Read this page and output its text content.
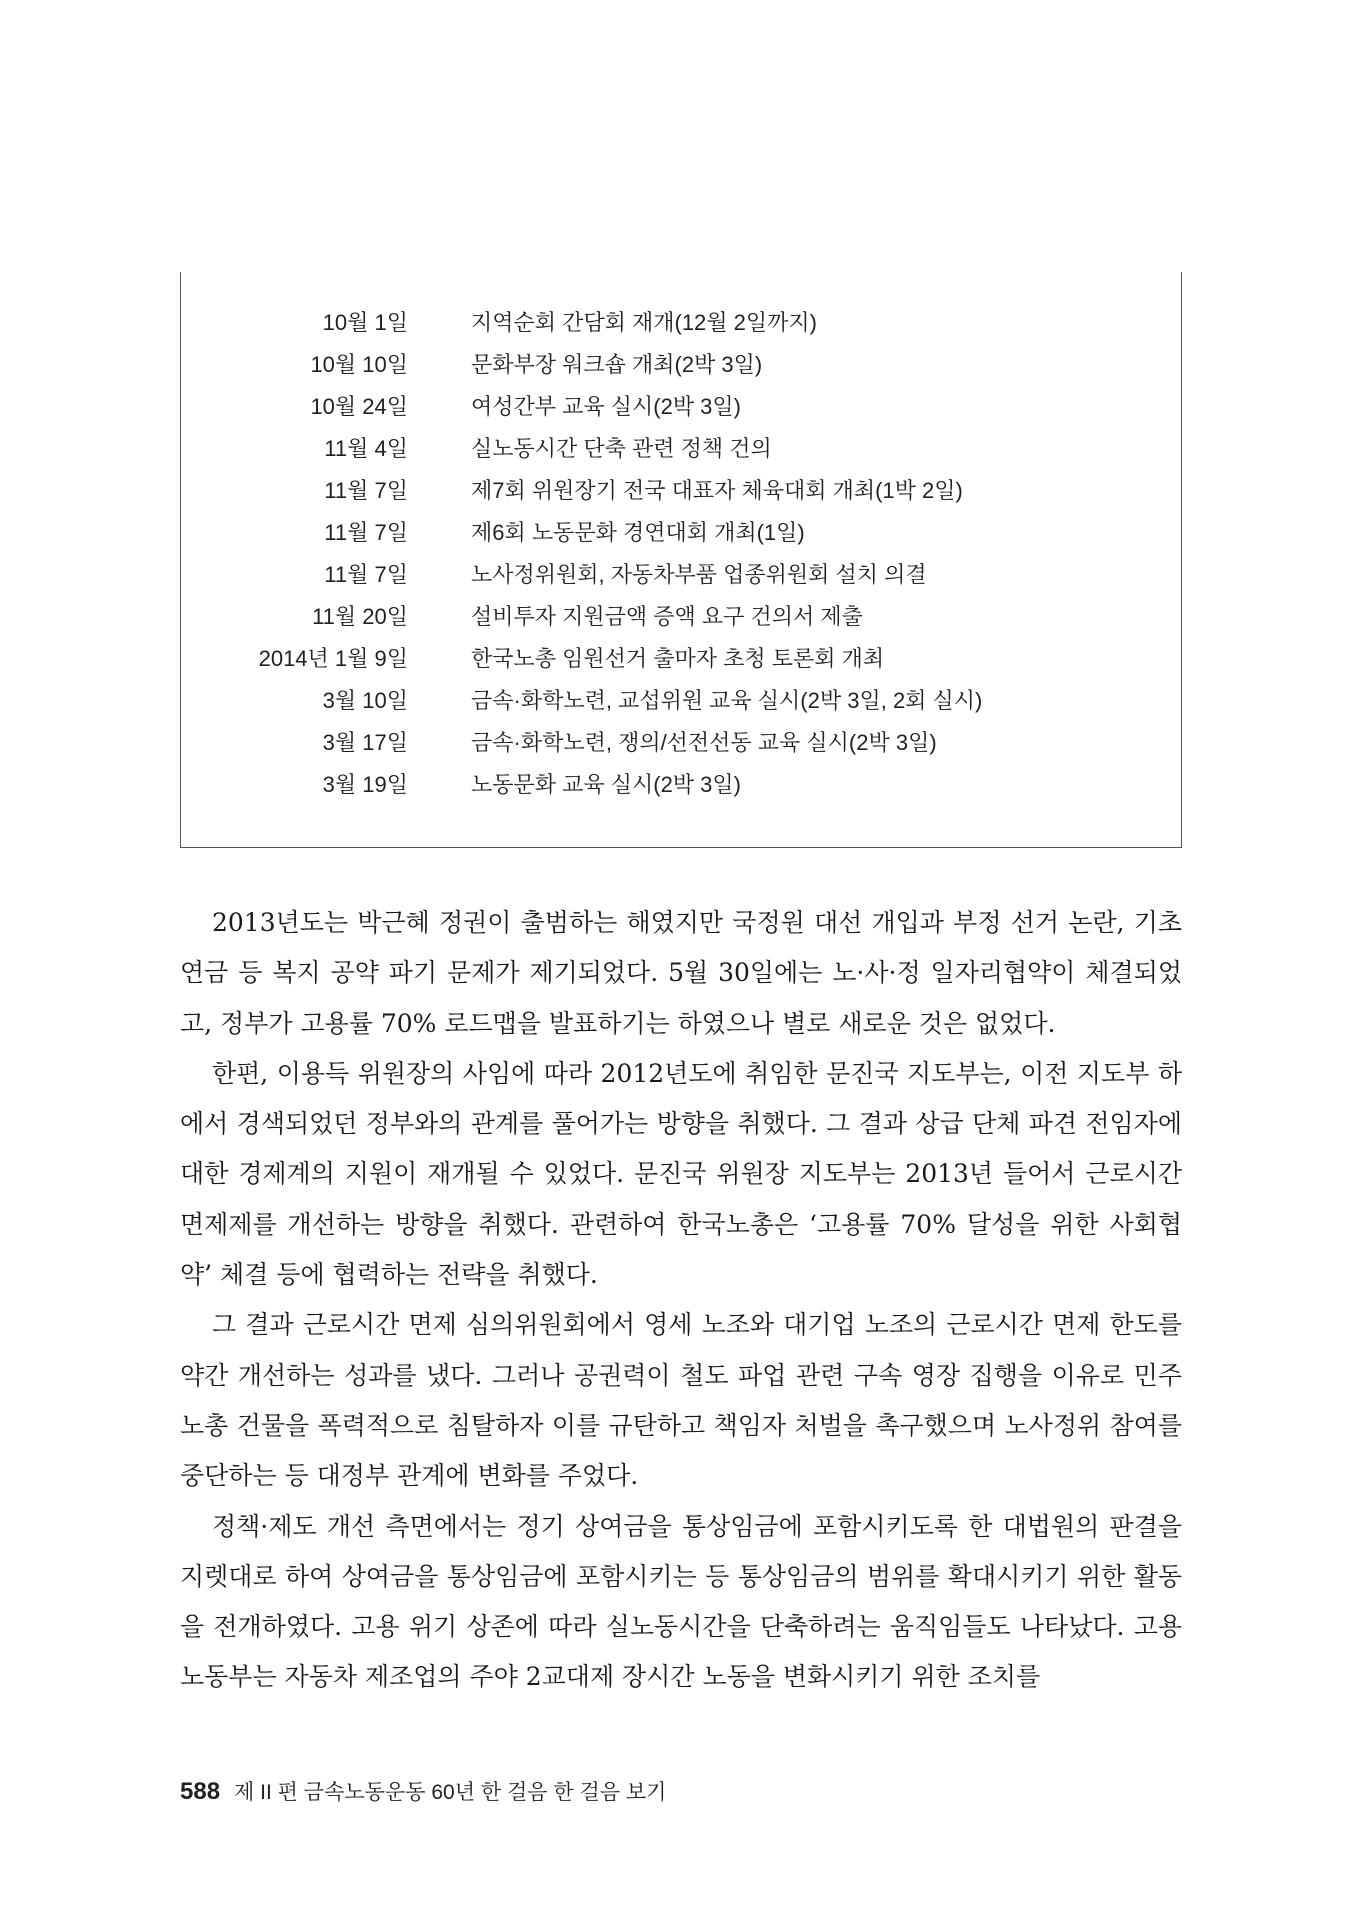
10월 1일	지역순회 간담회 재개(12월 2일까지)
10월 10일	문화부장 워크숍 개최(2박 3일)
10월 24일	여성간부 교육 실시(2박 3일)
11월 4일	실노동시간 단축 관련 정책 건의
11월 7일	제7회 위원장기 전국 대표자 체육대회 개최(1박 2일)
11월 7일	제6회 노동문화 경연대회 개최(1일)
11월 7일	노사정위원회, 자동차부품 업종위원회 설치 의결
11월 20일	설비투자 지원금액 증액 요구 건의서 제출
2014년 1월 9일	한국노총 임원선거 출마자 초청 토론회 개최
3월 10일	금속·화학노련, 교섭위원 교육 실시(2박 3일, 2회 실시)
3월 17일	금속·화학노련, 쟁의/선전선동 교육 실시(2박 3일)
3월 19일	노동문화 교육 실시(2박 3일)

2013년도는 박근혜 정권이 출범하는 해였지만 국정원 대선 개입과 부정 선거 논란, 기초연금 등 복지 공약 파기 문제가 제기되었다. 5월 30일에는 노·사·정 일자리협약이 체결되었고, 정부가 고용률 70% 로드맵을 발표하기는 하였으나 별로 새로운 것은 없었다.

한편, 이용득 위원장의 사임에 따라 2012년도에 취임한 문진국 지도부는, 이전 지도부 하에서 경색되었던 정부와의 관계를 풀어가는 방향을 취했다. 그 결과 상급 단체 파견 전임자에 대한 경제계의 지원이 재개될 수 있었다. 문진국 위원장 지도부는 2013년 들어서 근로시간 면제제를 개선하는 방향을 취했다. 관련하여 한국노총은 ‘고용률 70% 달성을 위한 사회협약’ 체결 등에 협력하는 전략을 취했다.

그 결과 근로시간 면제 심의위원회에서 영세 노조와 대기업 노조의 근로시간 면제 한도를 약간 개선하는 성과를 냈다. 그러나 공권력이 철도 파업 관련 구속 영장 집행을 이유로 민주노총 건물을 폭력적으로 침탈하자 이를 규탄하고 책임자 처벌을 촉구했으며 노사정위 참여를 중단하는 등 대정부 관계에 변화를 주었다.

정책·제도 개선 측면에서는 정기 상여금을 통상임금에 포함시키도록 한 대법원의 판결을 지렛대로 하여 상여금을 통상임금에 포함시키는 등 통상임금의 범위를 확대시키기 위한 활동을 전개하였다. 고용 위기 상존에 따라 실노동시간을 단축하려는 움직임들도 나타났다. 고용노동부는 자동차 제조업의 주야 2교대제 장시간 노동을 변화시키기 위한 조치를

588 제 II 편 금속노동운동 60년 한 걸음 한 걸음 보기
